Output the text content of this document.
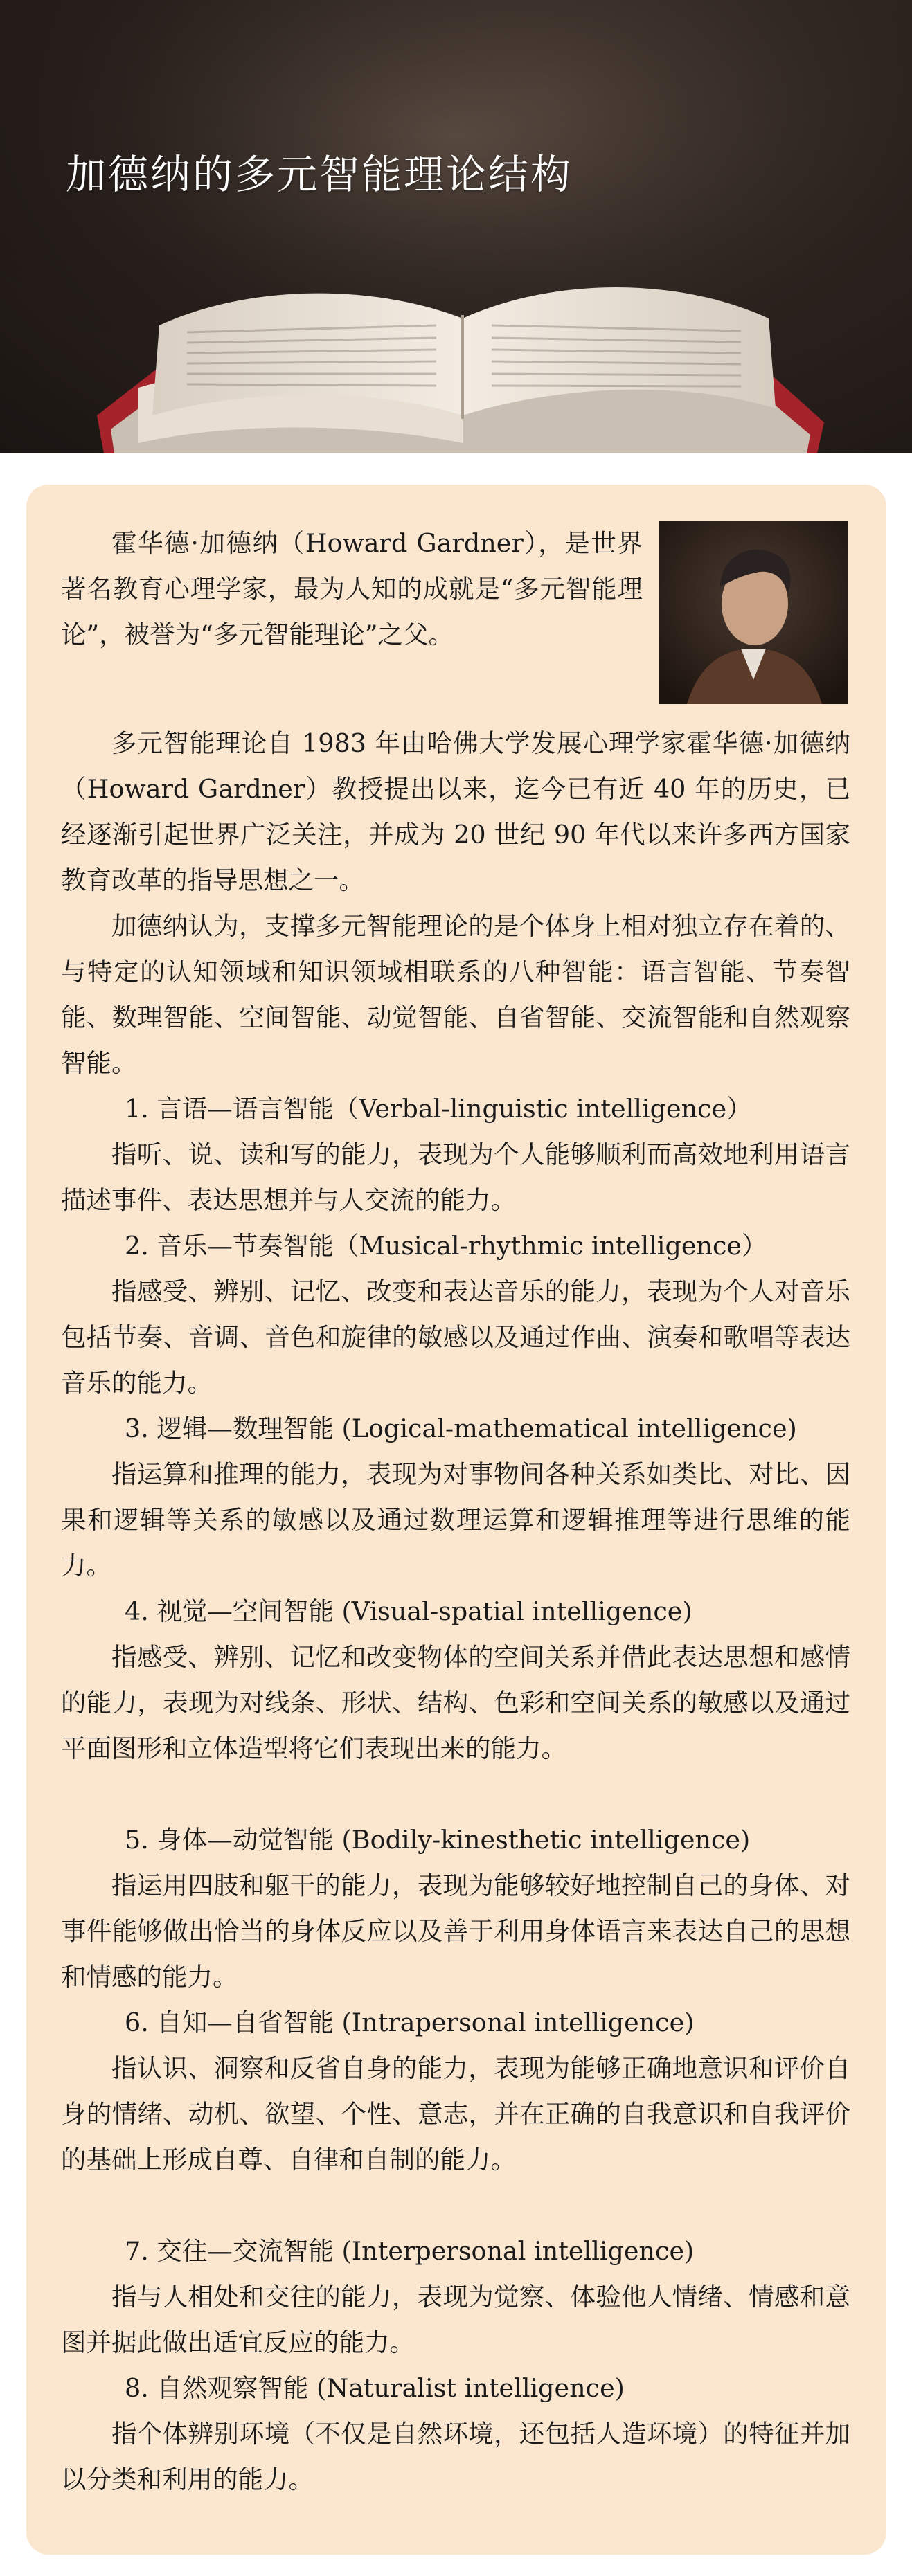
加德纳的多元智能理论结构

霍华德·加德纳（Howard Gardner），是世界著名教育心理学家，最为人知的成就是“多元智能理论”，被誉为“多元智能理论”之父。

多元智能理论自 1983 年由哈佛大学发展心理学家霍华德·加德纳（Howard Gardner）教授提出以来，迄今已有近 40 年的历史，已经逐渐引起世界广泛关注，并成为 20 世纪 90 年代以来许多西方国家教育改革的指导思想之一。

加德纳认为，支撑多元智能理论的是个体身上相对独立存在着的、与特定的认知领域和知识领域相联系的八种智能：语言智能、节奏智能、数理智能、空间智能、动觉智能、自省智能、交流智能和自然观察智能。

1. 言语—语言智能（Verbal-linguistic intelligence）

指听、说、读和写的能力，表现为个人能够顺利而高效地利用语言描述事件、表达思想并与人交流的能力。

2. 音乐—节奏智能（Musical-rhythmic intelligence）

指感受、辨别、记忆、改变和表达音乐的能力，表现为个人对音乐包括节奏、音调、音色和旋律的敏感以及通过作曲、演奏和歌唱等表达音乐的能力。

3. 逻辑—数理智能 (Logical-mathematical intelligence)

指运算和推理的能力，表现为对事物间各种关系如类比、对比、因果和逻辑等关系的敏感以及通过数理运算和逻辑推理等进行思维的能力。

4. 视觉—空间智能 (Visual-spatial intelligence)

指感受、辨别、记忆和改变物体的空间关系并借此表达思想和感情的能力，表现为对线条、形状、结构、色彩和空间关系的敏感以及通过平面图形和立体造型将它们表现出来的能力。

5. 身体—动觉智能 (Bodily-kinesthetic intelligence)

指运用四肢和躯干的能力，表现为能够较好地控制自己的身体、对事件能够做出恰当的身体反应以及善于利用身体语言来表达自己的思想和情感的能力。

6. 自知—自省智能 (Intrapersonal intelligence)

指认识、洞察和反省自身的能力，表现为能够正确地意识和评价自身的情绪、动机、欲望、个性、意志，并在正确的自我意识和自我评价的基础上形成自尊、自律和自制的能力。

7. 交往—交流智能 (Interpersonal intelligence)

指与人相处和交往的能力，表现为觉察、体验他人情绪、情感和意图并据此做出适宜反应的能力。

8. 自然观察智能 (Naturalist intelligence)

指个体辨别环境（不仅是自然环境，还包括人造环境）的特征并加以分类和利用的能力。
